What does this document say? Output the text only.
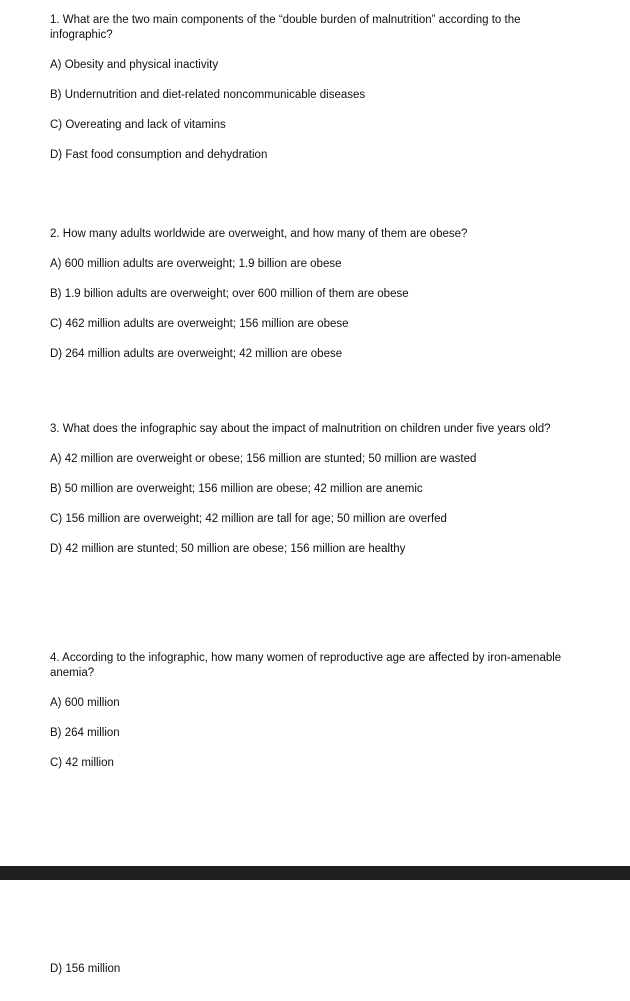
1. What are the two main components of the “double burden of malnutrition” according to the infographic?

A) Obesity and physical inactivity
B) Undernutrition and diet-related noncommunicable diseases
C) Overeating and lack of vitamins
D) Fast food consumption and dehydration

2. How many adults worldwide are overweight, and how many of them are obese?

A) 600 million adults are overweight; 1.9 billion are obese
B) 1.9 billion adults are overweight; over 600 million of them are obese
C) 462 million adults are overweight; 156 million are obese
D) 264 million adults are overweight; 42 million are obese

3. What does the infographic say about the impact of malnutrition on children under five years old?

A) 42 million are overweight or obese; 156 million are stunted; 50 million are wasted
B) 50 million are overweight; 156 million are obese; 42 million are anemic
C) 156 million are overweight; 42 million are tall for age; 50 million are overfed
D) 42 million are stunted; 50 million are obese; 156 million are healthy

4. According to the infographic, how many women of reproductive age are affected by iron-amenable anemia?

A) 600 million
B) 264 million
C) 42 million
D) 156 million
